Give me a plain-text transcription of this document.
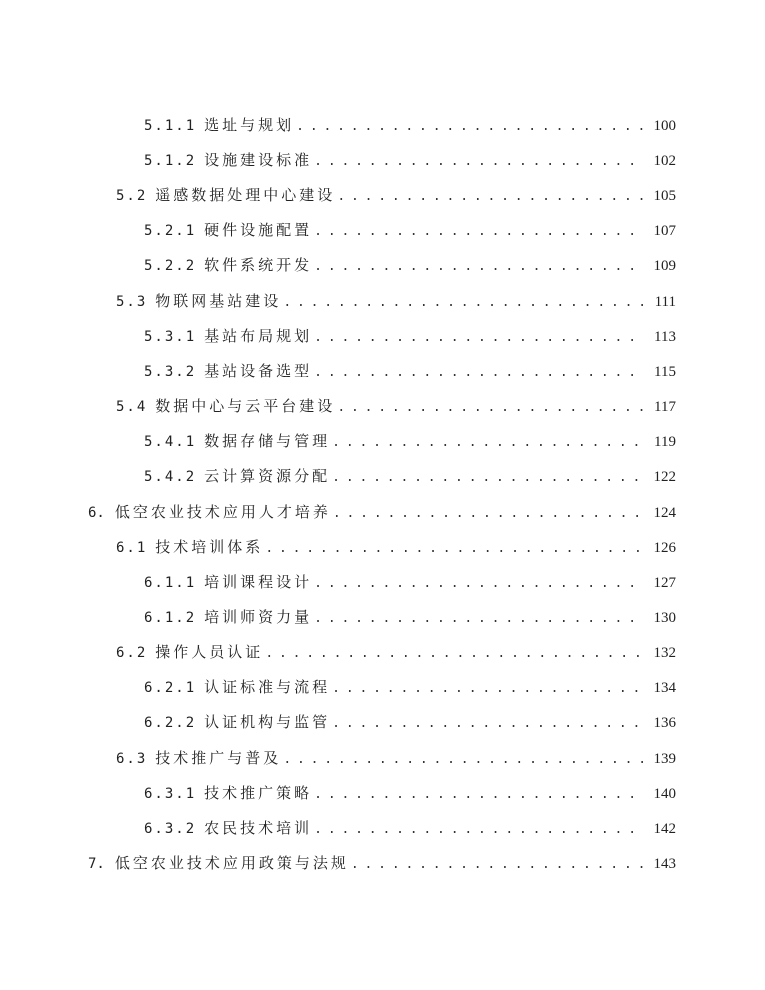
5.1.1 选址与规划 . . .	100
5.1.2 设施建设标准 . . .	102
5.2 遥感数据处理中心建设 . . .	105
5.2.1 硬件设施配置 . . .	107
5.2.2 软件系统开发 . . .	109
5.3 物联网基站建设 . . .	111
5.3.1 基站布局规划 . . .	113
5.3.2 基站设备选型 . . .	115
5.4 数据中心与云平台建设 . . .	117
5.4.1 数据存储与管理 . . .	119
5.4.2 云计算资源分配 . . .	122
6. 低空农业技术应用人才培养 . . .	124
6.1 技术培训体系 . . .	126
6.1.1 培训课程设计 . . .	127
6.1.2 培训师资力量 . . .	130
6.2 操作人员认证 . . .	132
6.2.1 认证标准与流程 . . .	134
6.2.2 认证机构与监管 . . .	136
6.3 技术推广与普及 . . .	139
6.3.1 技术推广策略 . . .	140
6.3.2 农民技术培训 . . .	142
7. 低空农业技术应用政策与法规 . . .	143
